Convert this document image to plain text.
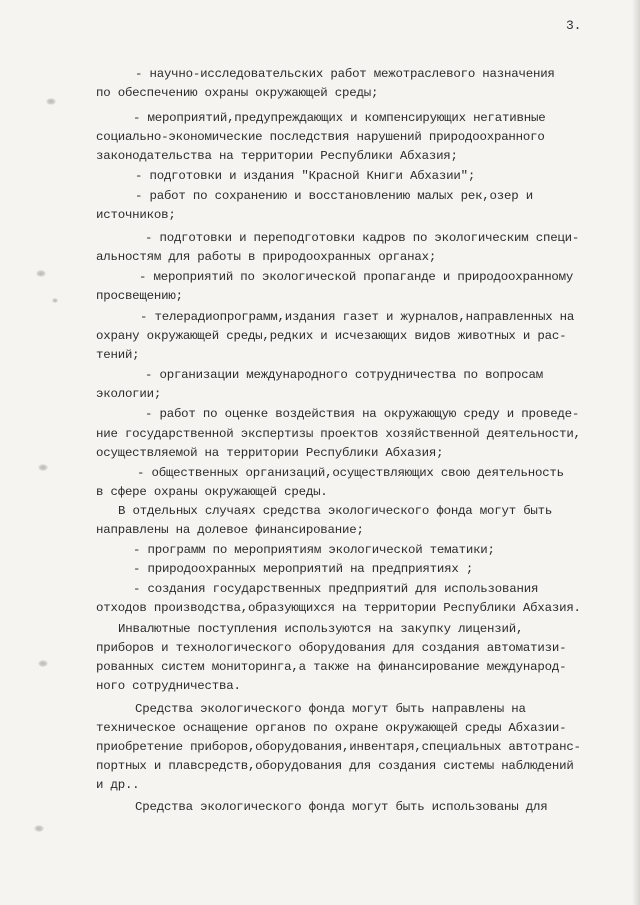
3.
- научно-исследовательских работ межотраслевого назначения
по обеспечению охраны окружающей среды;
- мероприятий,предупреждающих и компенсирующих негативные
социально-экономические последствия нарушений природоохранного
законодательства на территории Республики Абхазия;
- подготовки и издания "Красной Книги Абхазии";
- работ по сохранению и восстановлению малых рек,озер и
источников;
- подготовки и переподготовки кадров по экологическим специ-
альностям для работы в природоохранных органах;
- мероприятий по экологической пропаганде и природоохранному
просвещению;
- телерадиопрограмм,издания газет и журналов,направленных на
охрану окружающей среды,редких и исчезающих видов животных и рас-
тений;
- организации международного сотрудничества по вопросам
экологии;
- работ по оценке воздействия на окружающую среду и проведе-
ние государственной экспертизы проектов хозяйственной деятельности,
осуществляемой на территории Республики Абхазия;
- общественных организаций,осуществляющих свою деятельность
в сфере охраны окружающей среды.
В отдельных случаях средства экологического фонда могут быть
направлены на долевое финансирование;
- программ по мероприятиям экологической тематики;
- природоохранных мероприятий на предприятиях ;
- создания государственных предприятий для использования
отходов производства,образующихся на территории Республики Абхазия.
Инвалютные поступления используются на закупку лицензий,
приборов и технологического оборудования для создания автоматизи-
рованных систем мониторинга,а также на финансирование международ-
ного сотрудничества.
Средства экологического фонда могут быть направлены на
техническое оснащение органов по охране окружающей среды Абхазии-
приобретение приборов,оборудования,инвентаря,специальных автотранс-
портных и плавсредств,оборудования для создания системы наблюдений
и др..
Средства экологического фонда могут быть использованы для
